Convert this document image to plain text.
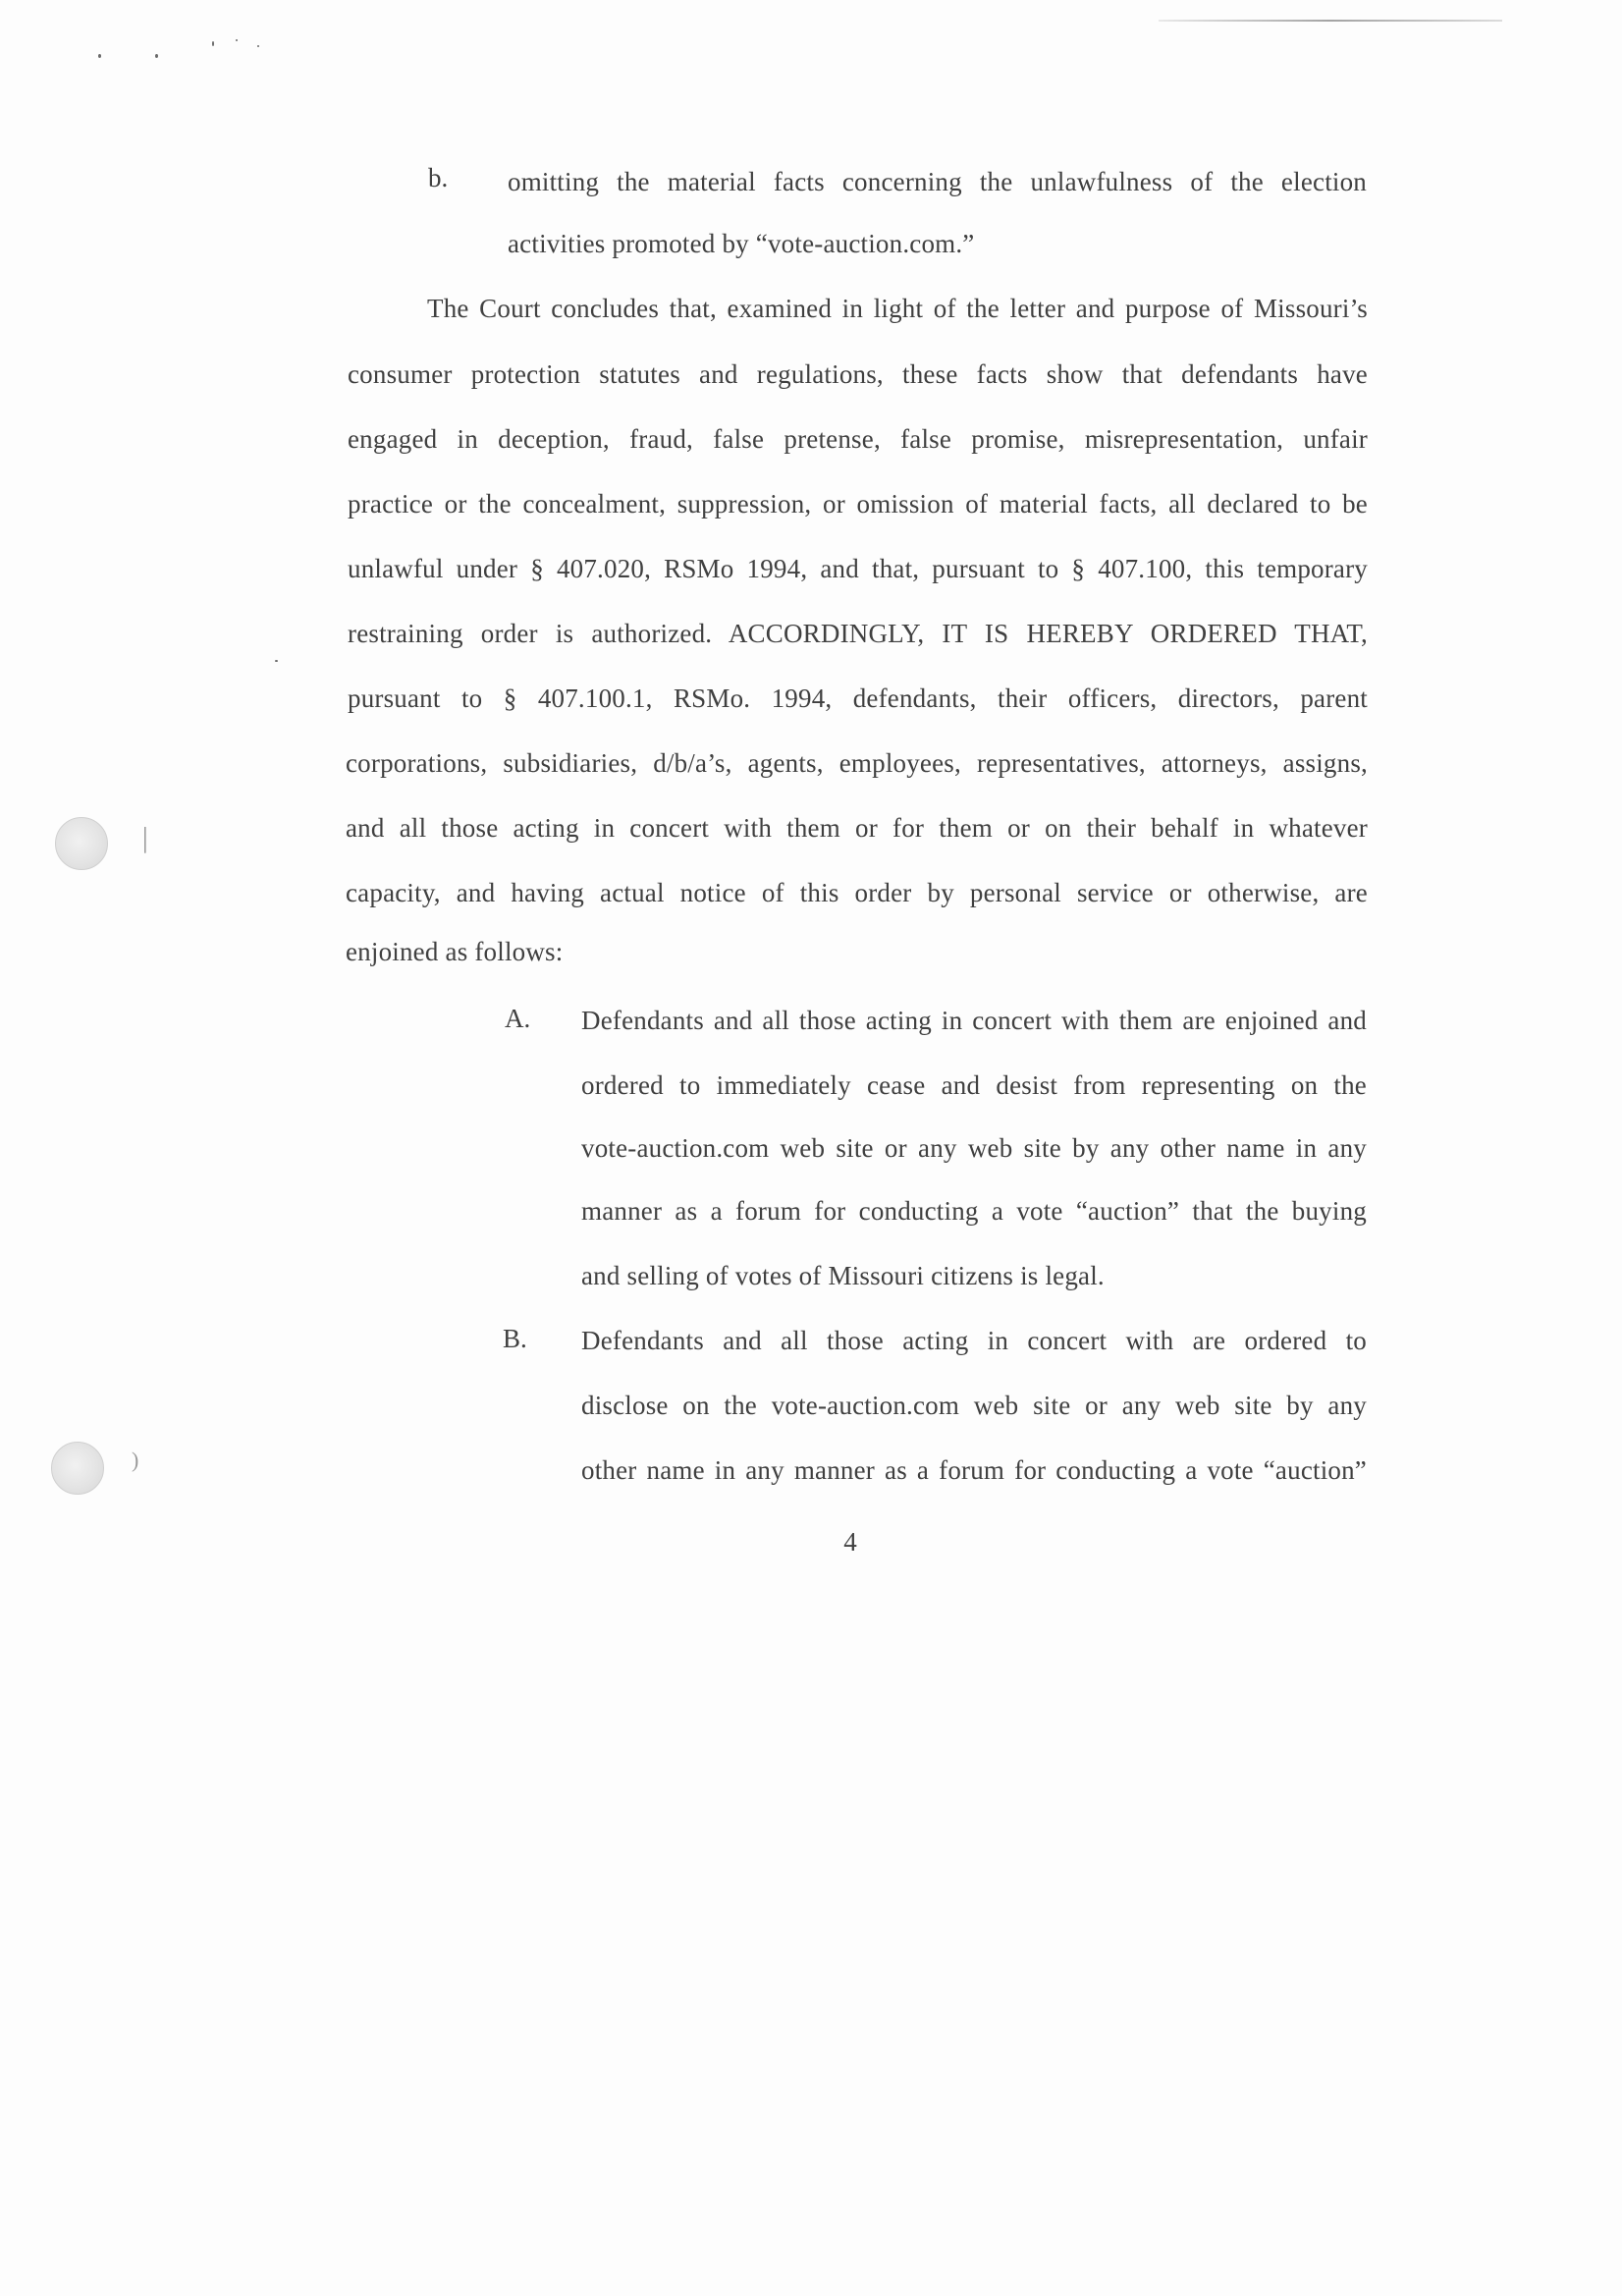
│
)
b. omitting the material facts concerning the unlawfulness of the election
activities promoted by “vote-auction.com.”
The Court concludes that, examined in light of the letter and purpose of Missouri’s
consumer protection statutes and regulations, these facts show that defendants have
engaged in deception, fraud, false pretense, false promise, misrepresentation, unfair
practice or the concealment, suppression, or omission of material facts, all declared to be
unlawful under § 407.020, RSMo 1994, and that, pursuant to § 407.100, this temporary
restraining order is authorized. ACCORDINGLY, IT IS HEREBY ORDERED THAT,
pursuant to § 407.100.1, RSMo. 1994, defendants, their officers, directors, parent
corporations, subsidiaries, d/b/a’s, agents, employees, representatives, attorneys, assigns,
and all those acting in concert with them or for them or on their behalf in whatever
capacity, and having actual notice of this order by personal service or otherwise, are
enjoined as follows:
A. Defendants and all those acting in concert with them are enjoined and
ordered to immediately cease and desist from representing on the
vote-auction.com web site or any web site by any other name in any
manner as a forum for conducting a vote “auction” that the buying
and selling of votes of Missouri citizens is legal.
B. Defendants and all those acting in concert with are ordered to
disclose on the vote-auction.com web site or any web site by any
other name in any manner as a forum for conducting a vote “auction”
4
